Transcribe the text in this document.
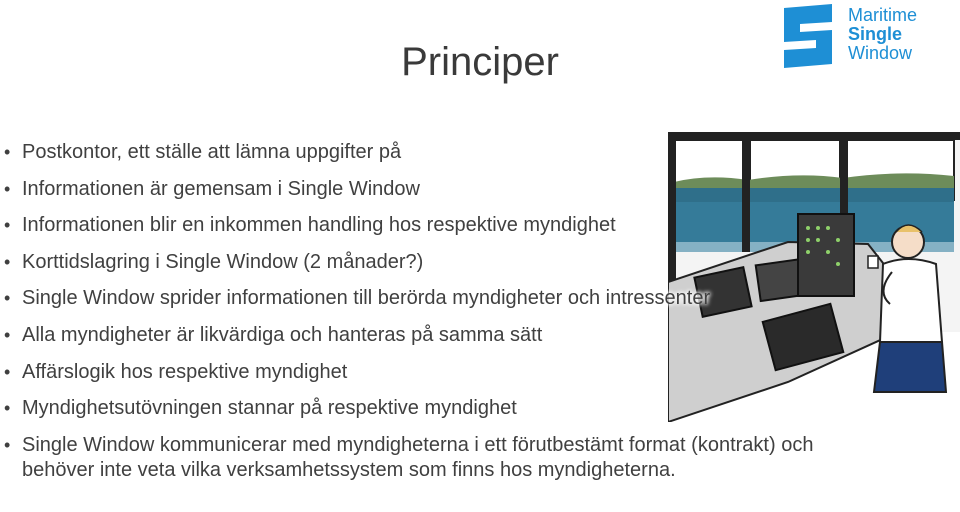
Principer
Maritime
Single
Window
• Postkontor, ett ställe att lämna uppgifter på
• Informationen är gemensam i Single Window
• Informationen blir en inkommen handling hos respektive myndighet
• Korttidslagring i Single Window (2 månader?)
• Single Window sprider informationen till berörda myndigheter och intressenter
• Alla myndigheter är likvärdiga och hanteras på samma sätt
• Affärslogik hos respektive myndighet
• Myndighetsutövningen stannar på respektive myndighet
• Single Window kommunicerar med myndigheterna i ett förutbestämt format (kontrakt) och behöver inte veta vilka verksamhetssystem som finns hos myndigheterna.
